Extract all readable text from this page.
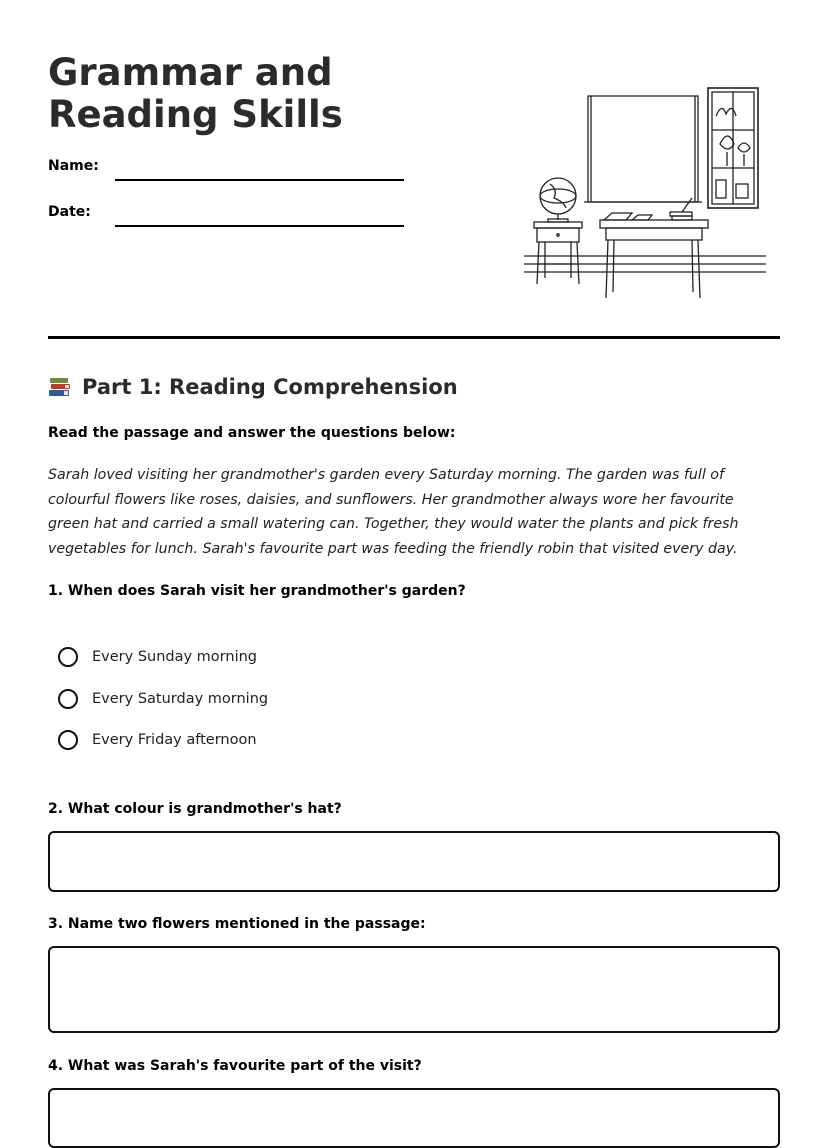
Grammar and Reading Skills
Name:
Date:
Part 1: Reading Comprehension
Read the passage and answer the questions below:

Sarah loved visiting her grandmother's garden every Saturday morning. The garden was full of colourful flowers like roses, daisies, and sunflowers. Her grandmother always wore her favourite green hat and carried a small watering can. Together, they would water the plants and pick fresh vegetables for lunch. Sarah's favourite part was feeding the friendly robin that visited every day.

1. When does Sarah visit her grandmother's garden?
Every Sunday morning
Every Saturday morning
Every Friday afternoon
2. What colour is grandmother's hat?
3. Name two flowers mentioned in the passage:
4. What was Sarah's favourite part of the visit?
